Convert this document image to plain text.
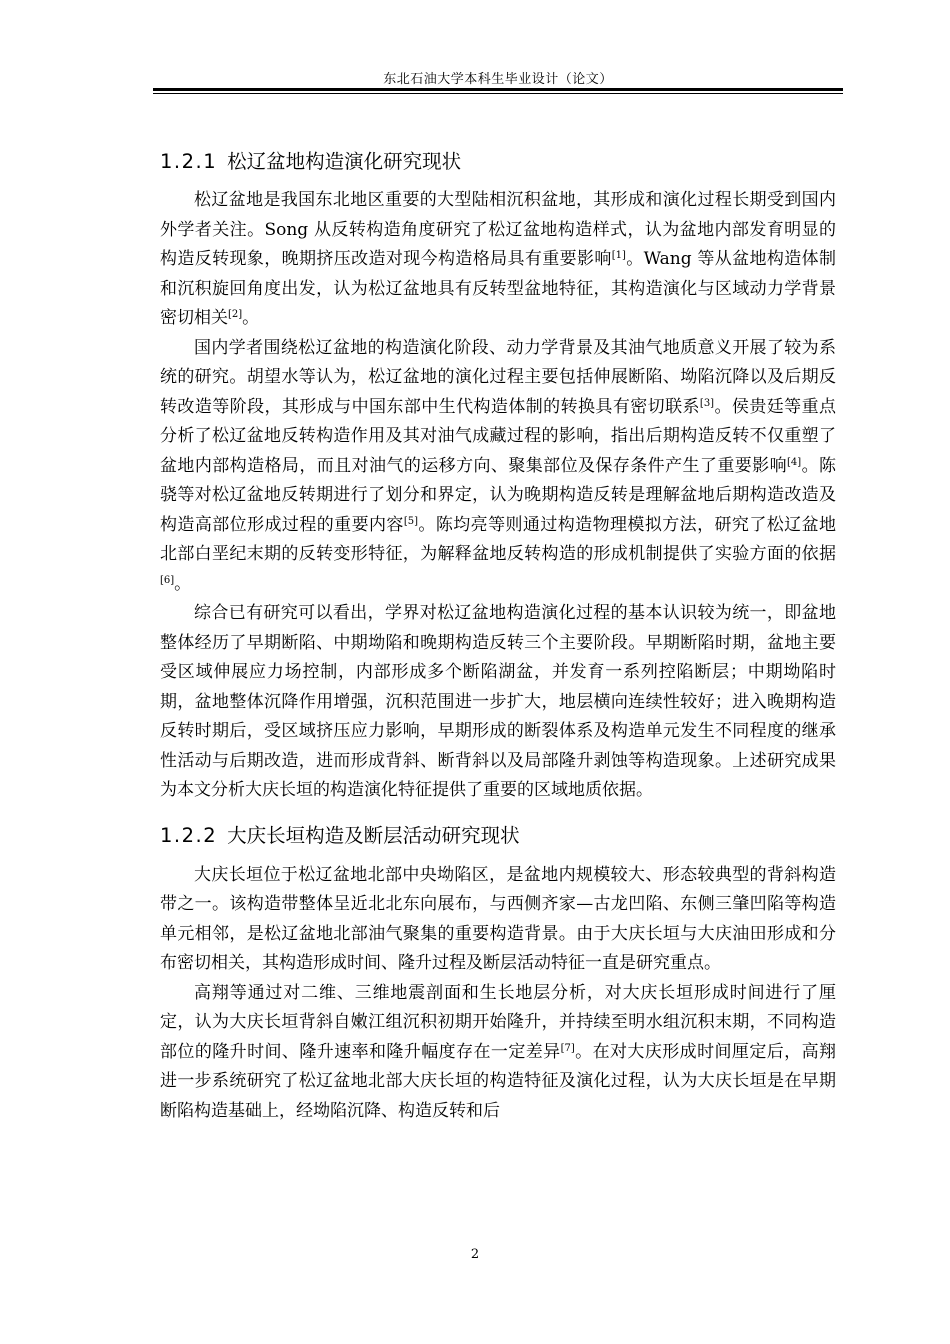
东北石油大学本科生毕业设计（论文）
1.2.1 松辽盆地构造演化研究现状

松辽盆地是我国东北地区重要的大型陆相沉积盆地，其形成和演化过程长期受到国内外学者关注。Song 从反转构造角度研究了松辽盆地构造样式，认为盆地内部发育明显的构造反转现象，晚期挤压改造对现今构造格局具有重要影响[1]。Wang 等从盆地构造体制和沉积旋回角度出发，认为松辽盆地具有反转型盆地特征，其构造演化与区域动力学背景密切相关[2]。

国内学者围绕松辽盆地的构造演化阶段、动力学背景及其油气地质意义开展了较为系统的研究。胡望水等认为，松辽盆地的演化过程主要包括伸展断陷、坳陷沉降以及后期反转改造等阶段，其形成与中国东部中生代构造体制的转换具有密切联系[3]。侯贵廷等重点分析了松辽盆地反转构造作用及其对油气成藏过程的影响，指出后期构造反转不仅重塑了盆地内部构造格局，而且对油气的运移方向、聚集部位及保存条件产生了重要影响[4]。陈骁等对松辽盆地反转期进行了划分和界定，认为晚期构造反转是理解盆地后期构造改造及构造高部位形成过程的重要内容[5]。陈均亮等则通过构造物理模拟方法，研究了松辽盆地北部白垩纪末期的反转变形特征，为解释盆地反转构造的形成机制提供了实验方面的依据[6]。

综合已有研究可以看出，学界对松辽盆地构造演化过程的基本认识较为统一，即盆地整体经历了早期断陷、中期坳陷和晚期构造反转三个主要阶段。早期断陷时期，盆地主要受区域伸展应力场控制，内部形成多个断陷湖盆，并发育一系列控陷断层；中期坳陷时期，盆地整体沉降作用增强，沉积范围进一步扩大，地层横向连续性较好；进入晚期构造反转时期后，受区域挤压应力影响，早期形成的断裂体系及构造单元发生不同程度的继承性活动与后期改造，进而形成背斜、断背斜以及局部隆升剥蚀等构造现象。上述研究成果为本文分析大庆长垣的构造演化特征提供了重要的区域地质依据。

1.2.2 大庆长垣构造及断层活动研究现状

大庆长垣位于松辽盆地北部中央坳陷区，是盆地内规模较大、形态较典型的背斜构造带之一。该构造带整体呈近北北东向展布，与西侧齐家—古龙凹陷、东侧三肇凹陷等构造单元相邻，是松辽盆地北部油气聚集的重要构造背景。由于大庆长垣与大庆油田形成和分布密切相关，其构造形成时间、隆升过程及断层活动特征一直是研究重点。

高翔等通过对二维、三维地震剖面和生长地层分析，对大庆长垣形成时间进行了厘定，认为大庆长垣背斜自嫩江组沉积初期开始隆升，并持续至明水组沉积末期，不同构造部位的隆升时间、隆升速率和隆升幅度存在一定差异[7]。在对大庆形成时间厘定后，高翔进一步系统研究了松辽盆地北部大庆长垣的构造特征及演化过程，认为大庆长垣是在早期断陷构造基础上，经坳陷沉降、构造反转和后

2
